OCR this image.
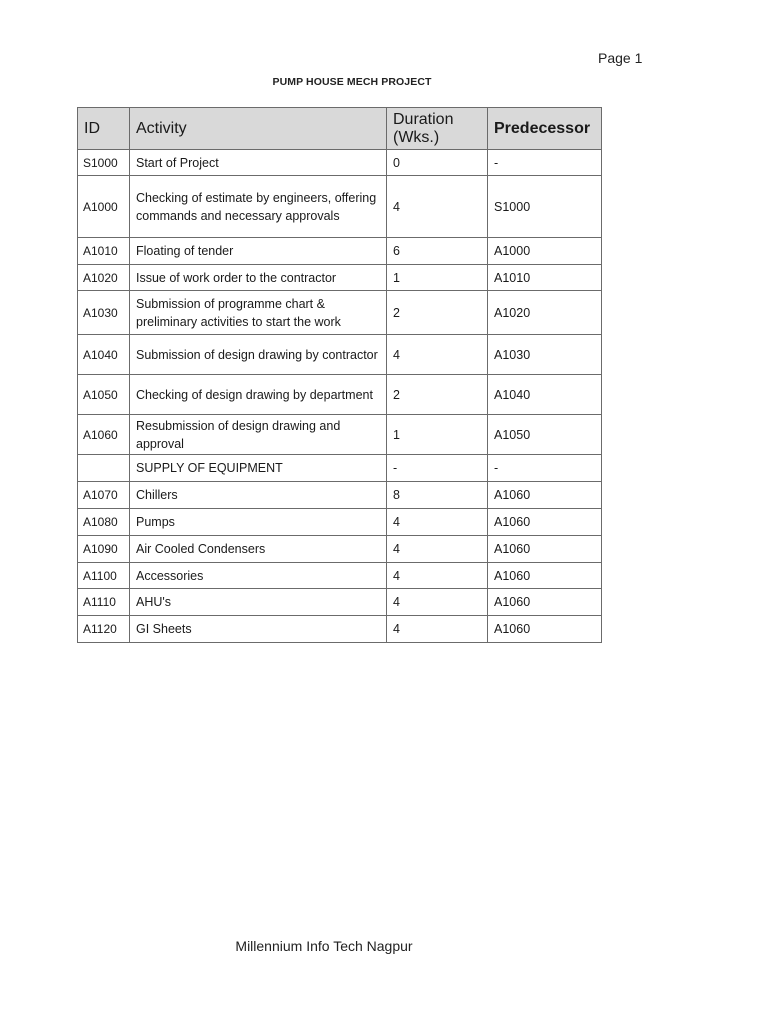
Page 1
PUMP HOUSE MECH PROJECT
ID	Activity	Duration (Wks.)	Predecessor
S1000	Start of Project	0	-
A1000	Checking of estimate by engineers, offering commands and necessary approvals	4	S1000
A1010	Floating of tender	6	A1000
A1020	Issue of work order to the contractor	1	A1010
A1030	Submission of programme chart & preliminary activities to start the work	2	A1020
A1040	Submission of design drawing by contractor	4	A1030
A1050	Checking of design drawing by department	2	A1040
A1060	Resubmission of design drawing and approval	1	A1050
	SUPPLY OF EQUIPMENT	-	-
A1070	Chillers	8	A1060
A1080	Pumps	4	A1060
A1090	Air Cooled Condensers	4	A1060
A1100	Accessories	4	A1060
A1110	AHU's	4	A1060
A1120	GI Sheets	4	A1060
Millennium Info Tech Nagpur
